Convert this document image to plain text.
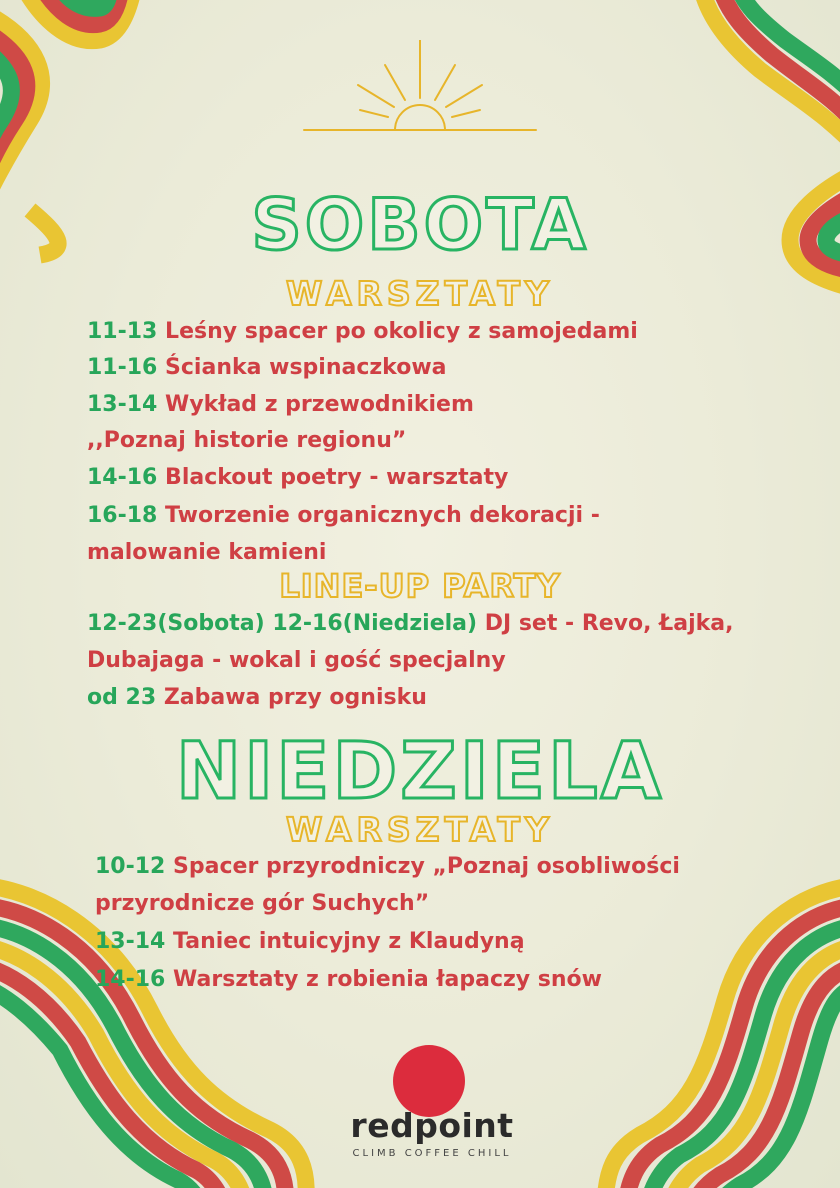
SOBOTA
WARSZTATY
11-13 Leśny spacer po okolicy z samojedami
11-16 Ścianka wspinaczkowa
13-14 Wykład z przewodnikiem
,,Poznaj historie regionu”
14-16 Blackout poetry - warsztaty
16-18 Tworzenie organicznych dekoracji -
malowanie kamieni
LINE-UP PARTY
12-23(Sobota) 12-16(Niedziela) DJ set - Revo, Łajka,
Dubajaga - wokal i gość specjalny
od 23 Zabawa przy ognisku
NIEDZIELA
WARSZTATY
10-12 Spacer przyrodniczy „Poznaj osobliwości
przyrodnicze gór Suchych”
13-14 Taniec intuicyjny z Klaudyną
14-16 Warsztaty z robienia łapaczy snów
redpoint
CLIMB COFFEE CHILL
